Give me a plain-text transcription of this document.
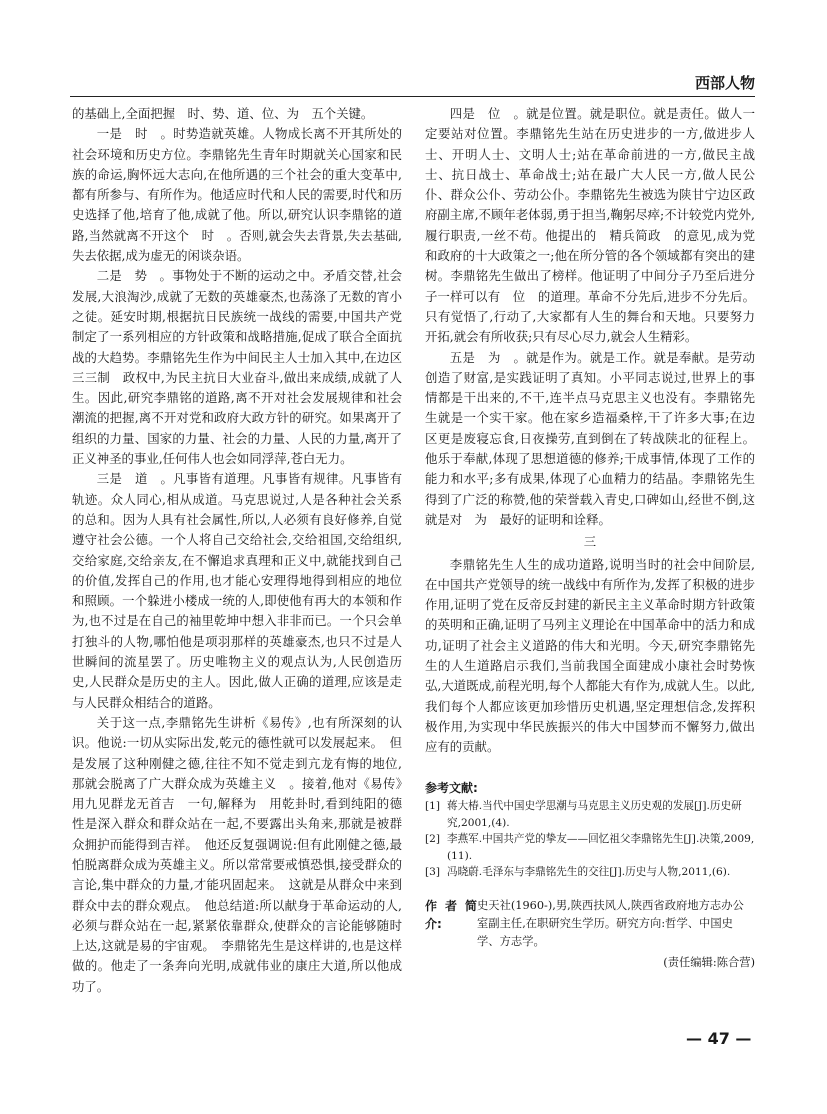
西部人物

的基础上,全面把握　时、势、道、位、为　五个关键。

一是　时　。时势造就英雄。人物成长离不开其所处的社会环境和历史方位。李鼎铭先生青年时期就关心国家和民族的命运,胸怀远大志向,在他所遇的三个社会的重大变革中,都有所参与、有所作为。他适应时代和人民的需要,时代和历史选择了他,培育了他,成就了他。所以,研究认识李鼎铭的道路,当然就离不开这个　时　。否则,就会失去背景,失去基础,失去依据,成为虚无的闲谈杂语。

二是　势　。事物处于不断的运动之中。矛盾交替,社会发展,大浪淘沙,成就了无数的英雄豪杰,也荡涤了无数的宵小之徒。延安时期,根据抗日民族统一战线的需要,中国共产党制定了一系列相应的方针政策和战略措施,促成了联合全面抗战的大趋势。李鼎铭先生作为中间民主人士加入其中,在边区　三三制　政权中,为民主抗日大业奋斗,做出来成绩,成就了人生。因此,研究李鼎铭的道路,离不开对社会发展规律和社会潮流的把握,离不开对党和政府大政方针的研究。如果离开了组织的力量、国家的力量、社会的力量、人民的力量,离开了正义神圣的事业,任何伟人也会如同浮萍,苍白无力。

三是　道　。凡事皆有道理。凡事皆有规律。凡事皆有轨迹。众人同心,相从成道。马克思说过,人是各种社会关系的总和。因为人具有社会属性,所以,人必须有良好修养,自觉遵守社会公德。一个人将自己交给社会,交给祖国,交给组织,交给家庭,交给亲友,在不懈追求真理和正义中,就能找到自己的价值,发挥自己的作用,也才能心安理得地得到相应的地位和照顾。一个躲进小楼成一统的人,即使他有再大的本领和作为,也不过是在自己的袖里乾坤中想入非非而已。一个只会单打独斗的人物,哪怕他是项羽那样的英雄豪杰,也只不过是人世瞬间的流星罢了。历史唯物主义的观点认为,人民创造历史,人民群众是历史的主人。因此,做人正确的道理,应该是走与人民群众相结合的道路。

关于这一点,李鼎铭先生讲析《易传》,也有所深刻的认识。他说:一切从实际出发,乾元的德性就可以发展起来。　但是发展了这种刚健之德,往往不知不觉走到亢龙有悔的地位,那就会脱离了广大群众成为英雄主义　。接着,他对《易传》　用九见群龙无首吉　一句,解释为　用乾卦时,看到纯阳的德性是深入群众和群众站在一起,不要露出头角来,那就是被群众拥护而能得到吉祥。　他还反复强调说:但有此刚健之德,最怕脱离群众成为英雄主义。所以常常要戒慎恐惧,接受群众的言论,集中群众的力量,才能巩固起来。　这就是从群众中来到群众中去的群众观点。　他总结道:所以献身于革命运动的人,必须与群众站在一起,紧紧依靠群众,使群众的言论能够随时上达,这就是易的宇宙观。　李鼎铭先生是这样讲的,也是这样做的。他走了一条奔向光明,成就伟业的康庄大道,所以他成功了。

四是　位　。就是位置。就是职位。就是责任。做人一定要站对位置。李鼎铭先生站在历史进步的一方,做进步人士、开明人士、文明人士;站在革命前进的一方,做民主战士、抗日战士、革命战士;站在最广大人民一方,做人民公仆、群众公仆、劳动公仆。李鼎铭先生被选为陕甘宁边区政府副主席,不顾年老体弱,勇于担当,鞠躬尽瘁;不计较党内党外,履行职责,一丝不苟。他提出的　精兵简政　的意见,成为党和政府的十大政策之一;他在所分管的各个领域都有突出的建树。李鼎铭先生做出了榜样。他证明了中间分子乃至后进分子一样可以有　位　的道理。革命不分先后,进步不分先后。只有觉悟了,行动了,大家都有人生的舞台和天地。只要努力开拓,就会有所收获;只有尽心尽力,就会人生精彩。

五是　为　。就是作为。就是工作。就是奉献。是劳动创造了财富,是实践证明了真知。小平同志说过,世界上的事情都是干出来的,不干,连半点马克思主义也没有。李鼎铭先生就是一个实干家。他在家乡造福桑梓,干了许多大事;在边区更是废寝忘食,日夜操劳,直到倒在了转战陕北的征程上。他乐于奉献,体现了思想道德的修养;干成事情,体现了工作的能力和水平;多有成果,体现了心血精力的结晶。李鼎铭先生得到了广泛的称赞,他的荣誉载入青史,口碑如山,经世不倒,这就是对　为　最好的证明和诠释。

三

李鼎铭先生人生的成功道路,说明当时的社会中间阶层,在中国共产党领导的统一战线中有所作为,发挥了积极的进步作用,证明了党在反帝反封建的新民主主义革命时期方针政策的英明和正确,证明了马列主义理论在中国革命中的活力和成功,证明了社会主义道路的伟大和光明。今天,研究李鼎铭先生的人生道路启示我们,当前我国全面建成小康社会时势恢弘,大道既成,前程光明,每个人都能大有作为,成就人生。以此,我们每个人都应该更加珍惜历史机遇,坚定理想信念,发挥积极作用,为实现中华民族振兴的伟大中国梦而不懈努力,做出应有的贡献。

参考文献:
[1] 蒋大椿.当代中国史学思潮与马克思主义历史观的发展[J].历史研究,2001,(4).
[2] 李燕军.中国共产党的挚友——回忆祖父李鼎铭先生[J].决策,2009,(11).
[3] 冯晓蔚.毛泽东与李鼎铭先生的交往[J].历史与人物,2011,(6).
作者简介:
史天社(1960-),男,陕西扶风人,陕西省政府地方志办公室副主任,在职研究生学历。研究方向:哲学、中国史学、方志学。
(责任编辑:陈合营)
— 47 —
